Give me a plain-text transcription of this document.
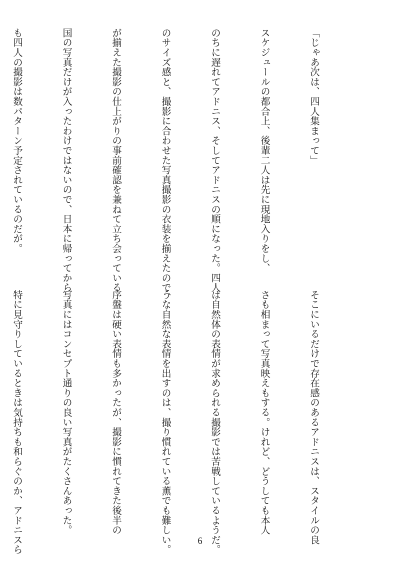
「じゃあ次は、四人集まって」

スケジュールの都合上、後輩二人は先に現地入りをし、

のちに遅れてアドニス、そしてアドニスの順になった。四人

のサイズ感と、撮影に合わせた写真撮影の衣装を揃えたので、

が揃えた撮影の仕上がりの事前確認を兼ねて立ち会っている

国の写真だけが入ったわけではないので、日本に帰ってから

も四人の撮影は数パターン予定されているのだが。

そこにいるだけで存在感のあるアドニスは、スタイルの良

さも相まって写真映えもする。けれど、どうしても本人

は自然体の表情が求められる撮影では苦戦しているようだ。

うな自然な表情を出すのは、撮り慣れている薫でも難しい。

序盤は硬い表情も多かったが、撮影に慣れてきた後半の

写真にはコンセプト通りの良い写真がたくさんあった。

特に見守りしているときは気持ちも和らぐのか、アドニスら

	6
